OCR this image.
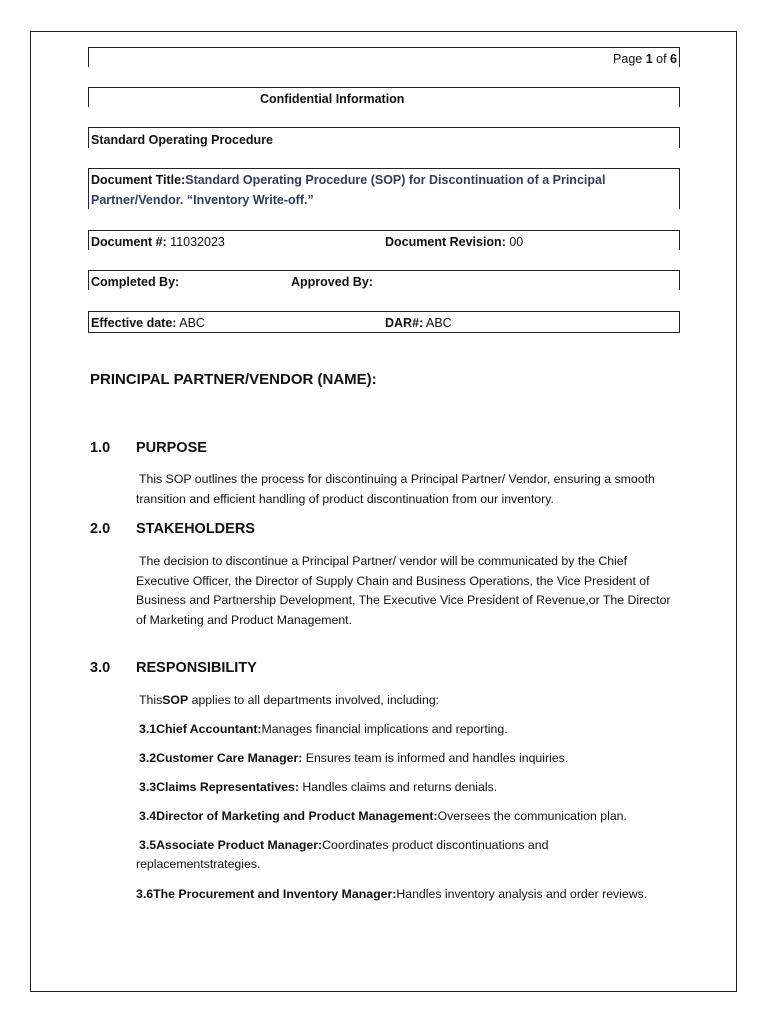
Page 1 of 6
Confidential Information
Standard Operating Procedure
Document Title:Standard Operating Procedure (SOP) for Discontinuation of a Principal
Partner/Vendor. “Inventory Write-off.”
Document #: 11032023	Document Revision: 00
Completed By:	Approved By:
Effective date: ABC	DAR#: ABC
PRINCIPAL PARTNER/VENDOR (NAME):
1.0 PURPOSE
This SOP outlines the process for discontinuing a Principal Partner/ Vendor, ensuring a smooth
transition and efficient handling of product discontinuation from our inventory.
2.0 STAKEHOLDERS
The decision to discontinue a Principal Partner/ vendor will be communicated by the Chief
Executive Officer, the Director of Supply Chain and Business Operations, the Vice President of
Business and Partnership Development, The Executive Vice President of Revenue,or The Director
of Marketing and Product Management.
3.0 RESPONSIBILITY
ThisSOP applies to all departments involved, including:
3.1Chief Accountant:Manages financial implications and reporting.
3.2Customer Care Manager: Ensures team is informed and handles inquiries.
3.3Claims Representatives: Handles claims and returns denials.
3.4Director of Marketing and Product Management:Oversees the communication plan.
3.5Associate Product Manager:Coordinates product discontinuations and
replacementstrategies.
3.6The Procurement and Inventory Manager:Handles inventory analysis and order reviews.
